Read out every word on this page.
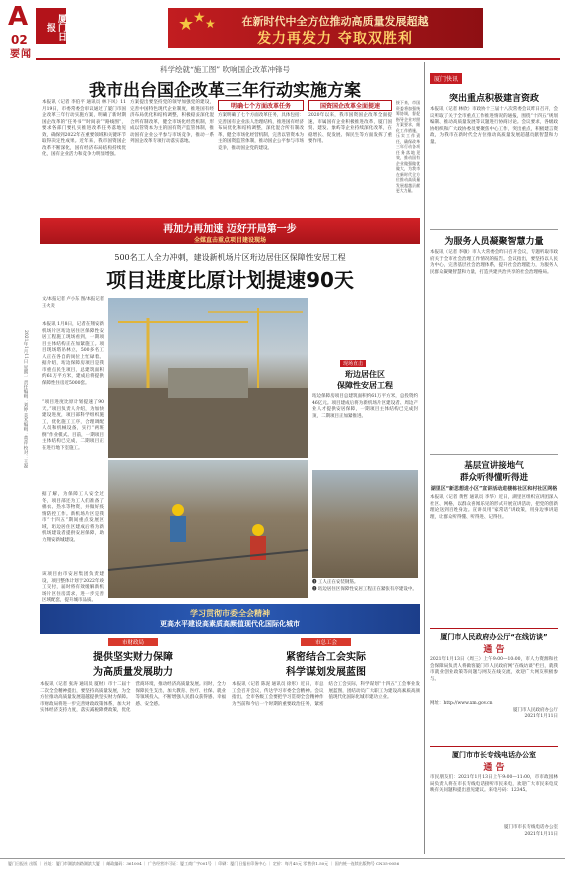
A
02	厦门日报
要闻
★
★ ★	在新时代中全方位推动高质量发展超越
发力再发力 夺取双胜利
2021年1月11日 星期一 责任编辑：刘婷 美术编辑：黄萍 校对：王磊
科学绘就“施工图” 吹响国企改革冲锋号
我市出台国企改革三年行动实施方案
本报讯（记者 李伯平 通讯员 林下风）11月19日，市委常委会审议通过了厦门市国企改革三年行动实施方案，明确了新时期国企改革的“任务书”“时间表”“路线图”，要求各部门要扎实推进改革任务落地见效，确保到2022年在重要领域和关键环节取得决定性成果。近年来，我市国资国企改革不断深化，国有经济布局结构持续优化，国有企业活力和竞争力明显增强。
方案提出要坚持党的领导加强党的建设，完善中国特色现代企业制度，推进国有经济布局优化和结构调整，积极稳妥深化混合所有制改革，健全市场化经营机制，形成以管资本为主的国有资产监管体制，推动国有企业公平参与市场竞争，推动一系列国企改革专项行动落实落地。
明确七个方面改革任务
方案明确了七个方面改革任务，具体包括：完善国有企业法人治理结构，推进国有经济布局优化和结构调整，深化混合所有制改革，健全市场化经营机制，完善以管资本为主的国资监管体制，推动国企公平参与市场竞争，推动国企党的建设。
国资国企改革全面提速
2020年以来，我市国资国企改革全面提速，市属国有企业积极推进改革，厦门国贸、建发、象屿等企业持续深化改革，在稳增长、促发展、保民生等方面发挥了重要作用。
接下来，市国资委将加强统筹协调，督促指导企业对照方案要求，细化工作措施，压实工作责任，确保改革三年行动各项任务落地见效，推动国有企业做强做优做大，为我市在新时代全方位推动高质量发展超越贡献更大力量。
再加力再加速 迈好开局第一步
全媒直击重点项目建设现场
500名工人全力冲刺，建设新机场片区珩边居住区保障性安居工程
项目进度比原计划提速90天
文/本报记者 卢小东 图/本报记者 王火炎
本报讯 1月8日，记者在翔安新机场片区珩边居住区保障性安居工程施工现场看到，一期项目主体结构正在加紧施工。项目现场塔吊林立，500多名工人正在各自的岗位上忙碌着。据介绍，珩边保障房项目是我市重点民生项目，总建筑面积约61万平方米，建成后将提供保障性住房近5000套。
“项目进度比原计划提速了90天。”项目负责人介绍，为加快建设进度，项目部科学组织施工，优化施工工序，合理调配人员和机械设备，实行“两班倒”作业模式。目前，一期项目主体结构已完成，二期项目正在进行地下室施工。
据了解，为保障工人安全过冬，项目部还为工人们准备了棉衣、热水等物资，并做好疫情防控工作。新机场片区是我市“十四五”期间重点发展区域，珩边居住区建成后将为新机场建设者提供安居保障，助力翔安新城建设。
该项目由市安居集团负责建设，项目整体计划于2022年竣工交付，届时将有效缓解新机场片区住房需求，进一步完善区域配套，提升城市品质。
现场直击
珩边居住区
保障性安居工程
珩边保障房项目总建筑面积约61万平方米，总投资约46亿元。项目建成后将为新机场片区建设者、周边产业人才提供安居保障，一期项目主体结构已完成封顶，二期项目正加紧推进。
❶ 工人正在安装钢筋。
❷ 珩边居住区保障性安居工程正在紧张有序建设中。
学习贯彻市委全会精神
更高水平建设高素质高颜值现代化国际化城市
市财政局
提供坚实财力保障
为高质量发展助力
本报讯（记者 张涛 通讯员 厦财）市十二届十二次全会精神提出，要坚持高质量发展，为全方位推动高质量发展超越提供坚实财力保障。市财政局将进一步完善财政政策体系，加大对实体经济支持力度，落实减税降费政策，优化营商环境，推动经济高质量发展。同时，全力保障民生支出，加大教育、医疗、社保、就业等领域投入，不断增强人民群众获得感、幸福感、安全感。
市总工会
紧密结合工会实际
科学谋划发展蓝图
本报讯（记者 陈泥 通讯员 徐彤）近日，市总工会召开会议，传达学习市委全会精神。会议指出，全市各级工会要把学习贯彻全会精神作为当前和今后一个时期的重要政治任务，紧密结合工会实际，科学谋划“十四五”工会事业发展蓝图，团结动员广大职工为建设高素质高颜值现代化国际化城市建功立业。
厦门快讯
突出重点积极建言资政
本报讯（记者 林欣）市政协十三届十八次常委会议昨日召开，会议听取了关于全市重点工作推进情况的通报，围绕“十四五”规划编制、推动高质量发展等议题进行协商讨论。会议要求，各级政协组织和广大政协委员要聚焦中心工作，突出重点，积极建言资政，为我市在新时代全方位推动高质量发展超越贡献智慧和力量。
为服务人员凝聚智慧力量
本报讯（记者 李敏）市人大常委会昨日召开会议，专题听取市政府关于全市社会治理工作情况的报告。会议指出，要坚持以人民为中心，完善基层社会治理体系，提升社会治理能力，为服务人民群众凝聚智慧和力量，打造共建共治共享的社会治理格局。
基层宣讲接地气
群众听得懂听得进
湖里区“新思想进小区”宣讲活动进楼栋社区和村社区网格
本报讯（记者 黄哲 通讯员 李华）近日，湖里区组织宣讲团深入社区、网格，以群众喜闻乐见的形式开展宣讲活动，把党的创新理论送到百姓身边。宣讲员用“家常话”讲政策，用身边事讲道理，让群众听得懂、听得进、记得住。
厦门市人民政府办公厅“在线访谈”
通 告
2021年1月13日（周三）上午9:00—10:00，市人力资源和社会保障局负责人将做客厦门市人民政府网“在线访谈”栏目，就我市就业创业政策等问题与网友在线交流，欢迎广大网友积极参与。
网址：http://www.xm.gov.cn
厦门市人民政府办公厅
2021年1月11日
厦门市市长专线电话办公室
通 告
市民朋友们：2021年1月13日上午9:00—11:00，市市政园林局负责人将在市长专线电话接听市民来电，欢迎广大市民来电反映有关问题和提出意见建议。来电号码：12345。
厦门市市长专线电话办公室
2021年1月11日
厦门日报社 出版 ｜ 社址：厦门市湖滨南路湖滨大厦 ｜ 邮政编码：361004 ｜ 广告经营许可证：厦工商广字001号 ｜ 印刷：厦门日报社印务中心 ｜ 定价：每月45元 零售价1.50元 ｜ 国内统一连续出版物号 CN35-0056
